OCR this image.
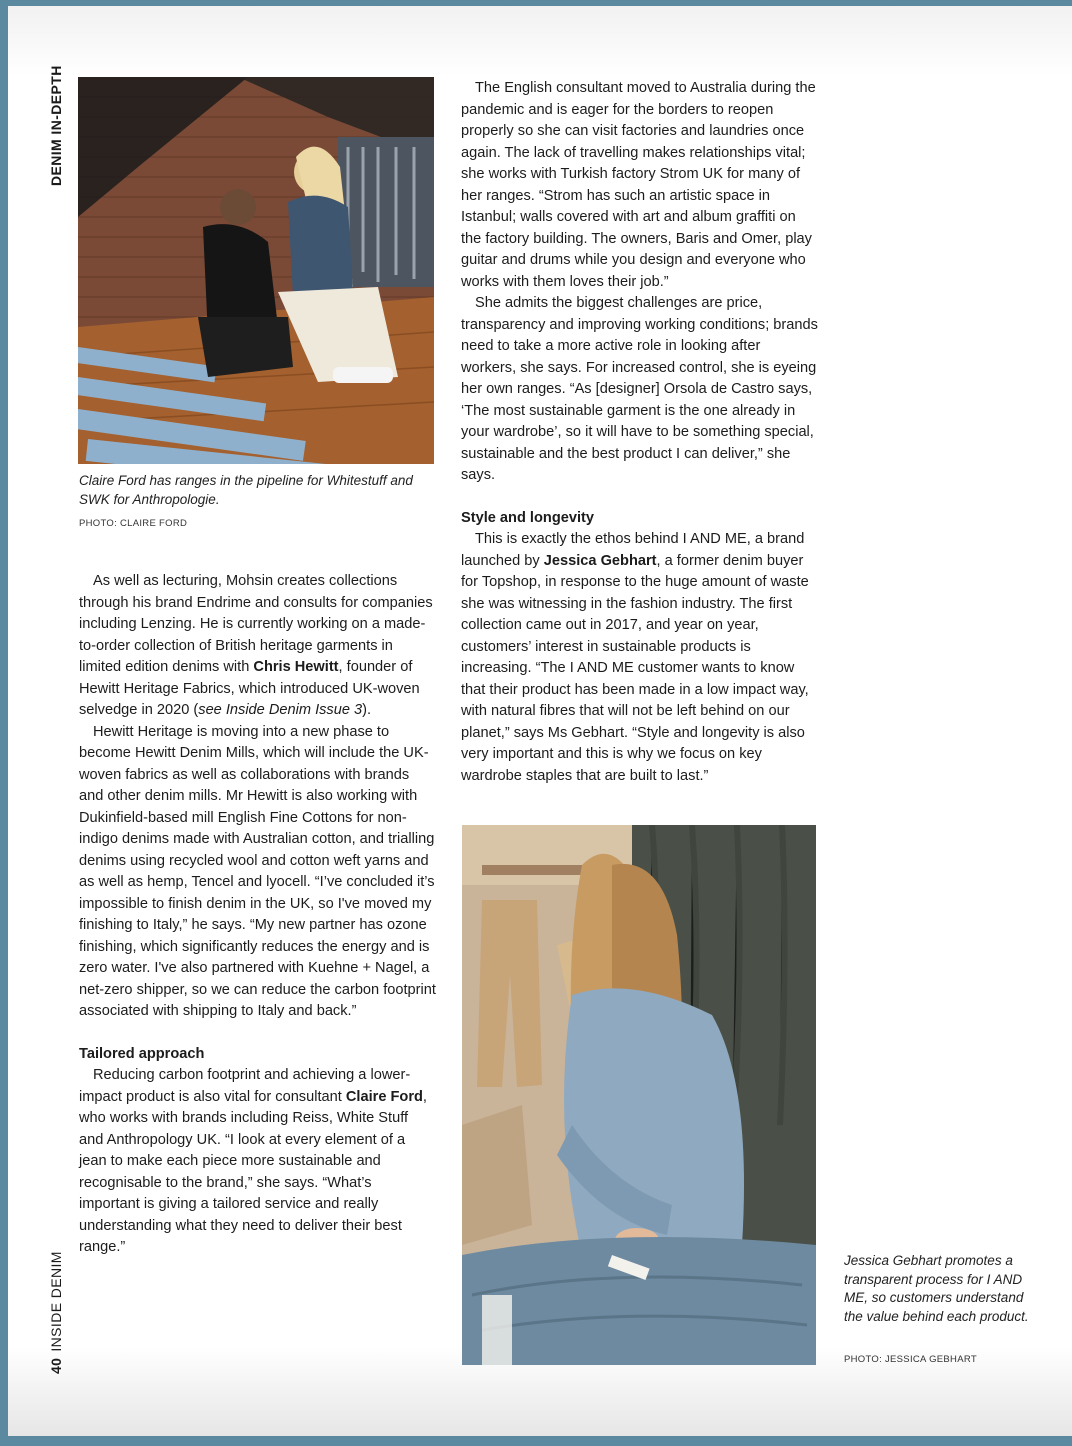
DENIM IN-DEPTH
40INSIDE DENIM
Claire Ford has ranges in the pipeline for Whitestuff and SWK for Anthropologie.
PHOTO: CLAIRE FORD

As well as lecturing, Mohsin creates collections through his brand Endrime and consults for companies including Lenzing. He is currently working on a made-to-order collection of British heritage garments in limited edition denims with Chris Hewitt, founder of Hewitt Heritage Fabrics, which introduced UK-woven selvedge in 2020 (see Inside Denim Issue 3).

Hewitt Heritage is moving into a new phase to become Hewitt Denim Mills, which will include the UK-woven fabrics as well as collaborations with brands and other denim mills. Mr Hewitt is also working with Dukinfield-based mill English Fine Cottons for non-indigo denims made with Australian cotton, and trialling denims using recycled wool and cotton weft yarns and as well as hemp, Tencel and lyocell. “I’ve concluded it’s impossible to finish denim in the UK, so I've moved my finishing to Italy,” he says. “My new partner has ozone finishing, which significantly reduces the energy and is zero water. I've also partnered with Kuehne + Nagel, a net-zero shipper, so we can reduce the carbon footprint associated with shipping to Italy and back.”

Tailored approach

Reducing carbon footprint and achieving a lower-impact product is also vital for consultant Claire Ford, who works with brands including Reiss, White Stuff and Anthropology UK. “I look at every element of a jean to make each piece more sustainable and recognisable to the brand,” she says. “What’s important is giving a tailored service and really understanding what they need to deliver their best range.”

The English consultant moved to Australia during the pandemic and is eager for the borders to reopen properly so she can visit factories and laundries once again. The lack of travelling makes relationships vital; she works with Turkish factory Strom UK for many of her ranges. “Strom has such an artistic space in Istanbul; walls covered with art and album graffiti on the factory building. The owners, Baris and Omer, play guitar and drums while you design and everyone who works with them loves their job.”

She admits the biggest challenges are price, transparency and improving working conditions; brands need to take a more active role in looking after workers, she says. For increased control, she is eyeing her own ranges. “As [designer] Orsola de Castro says, ‘The most sustainable garment is the one already in your wardrobe’, so it will have to be something special, sustainable and the best product I can deliver,” she says.

Style and longevity

This is exactly the ethos behind I AND ME, a brand launched by Jessica Gebhart, a former denim buyer for Topshop, in response to the huge amount of waste she was witnessing in the fashion industry. The first collection came out in 2017, and year on year, customers’ interest in sustainable products is increasing. “The I AND ME customer wants to know that their product has been made in a low impact way, with natural fibres that will not be left behind on our planet,” says Ms Gebhart. “Style and longevity is also very important and this is why we focus on key wardrobe staples that are built to last.”

Jessica Gebhart promotes a transparent process for I AND ME, so customers understand the value behind each product.
PHOTO: JESSICA GEBHART
